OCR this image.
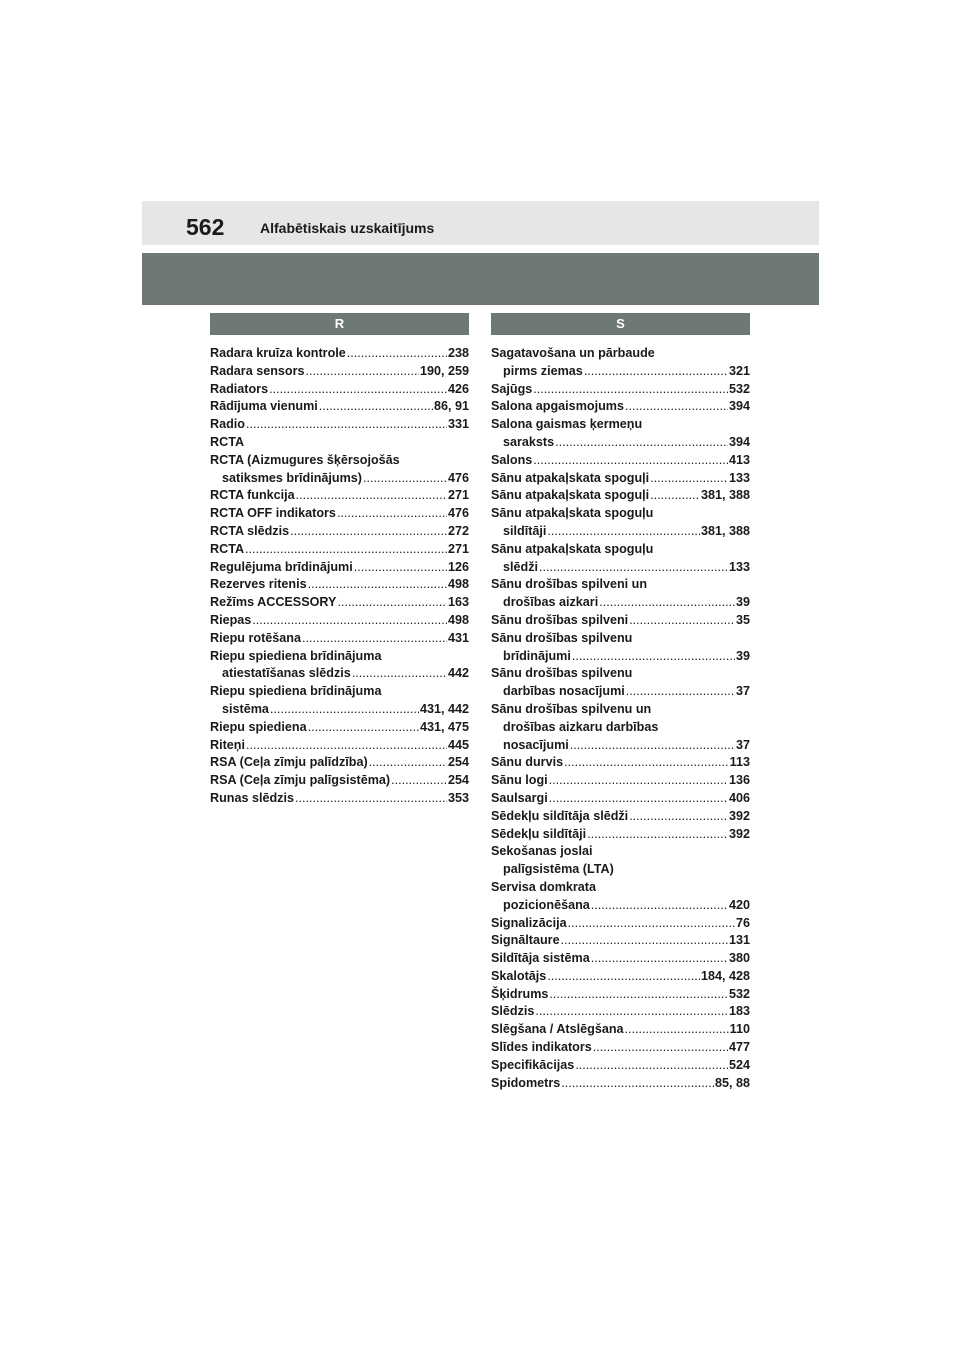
562	Alfabētiskais uzskaitījums
R
Radara kruīza kontrole .....	238
Radara sensors .....	190, 259
Radiators .....	426
Rādījuma vienumi .....	86, 91
Radio .....	331
RCTA
RCTA (Aizmugures šķērsojošās
satiksmes brīdinājums) .....	476
RCTA funkcija .....	271
RCTA OFF indikators .....	476
RCTA slēdzis .....	272
RCTA .....	271
Regulējuma brīdinājumi .....	126
Rezerves ritenis .....	498
Režīms ACCESSORY .....	163
Riepas .....	498
Riepu rotēšana .....	431
Riepu spiediena brīdinājuma
atiestatīšanas slēdzis .....	442
Riepu spiediena brīdinājuma
sistēma .....	431, 442
Riepu spiediena .....	431, 475
Riteņi .....	445
RSA (Ceļa zīmju palīdzība) .....	254
RSA (Ceļa zīmju palīgsistēma) .....	254
Runas slēdzis .....	353
S
Sagatavošana un pārbaude
pirms ziemas .....	321
Sajūgs .....	532
Salona apgaismojums .....	394
Salona gaismas ķermeņu
saraksts .....	394
Salons .....	413
Sānu atpakaļskata spoguļi .....	133
Sānu atpakaļskata spoguļi .....	381, 388
Sānu atpakaļskata spoguļu
sildītāji .....	381, 388
Sānu atpakaļskata spoguļu
slēdži .....	133
Sānu drošības spilveni un
drošības aizkari .....	39
Sānu drošības spilveni .....	35
Sānu drošības spilvenu
brīdinājumi .....	39
Sānu drošības spilvenu
darbības nosacījumi .....	37
Sānu drošības spilvenu un
drošības aizkaru darbības
nosacījumi .....	37
Sānu durvis .....	113
Sānu logi .....	136
Saulsargi .....	406
Sēdekļu sildītāja slēdži .....	392
Sēdekļu sildītāji .....	392
Sekošanas joslai
palīgsistēma (LTA)
Servisa domkrata
pozicionēšana .....	420
Signalizācija .....	76
Signāltaure .....	131
Sildītāja sistēma .....	380
Skalotājs .....	184, 428
Šķidrums .....	532
Slēdzis .....	183
Slēgšana / Atslēgšana .....	110
Slīdes indikators .....	477
Specifikācijas .....	524
Spidometrs .....	85, 88
